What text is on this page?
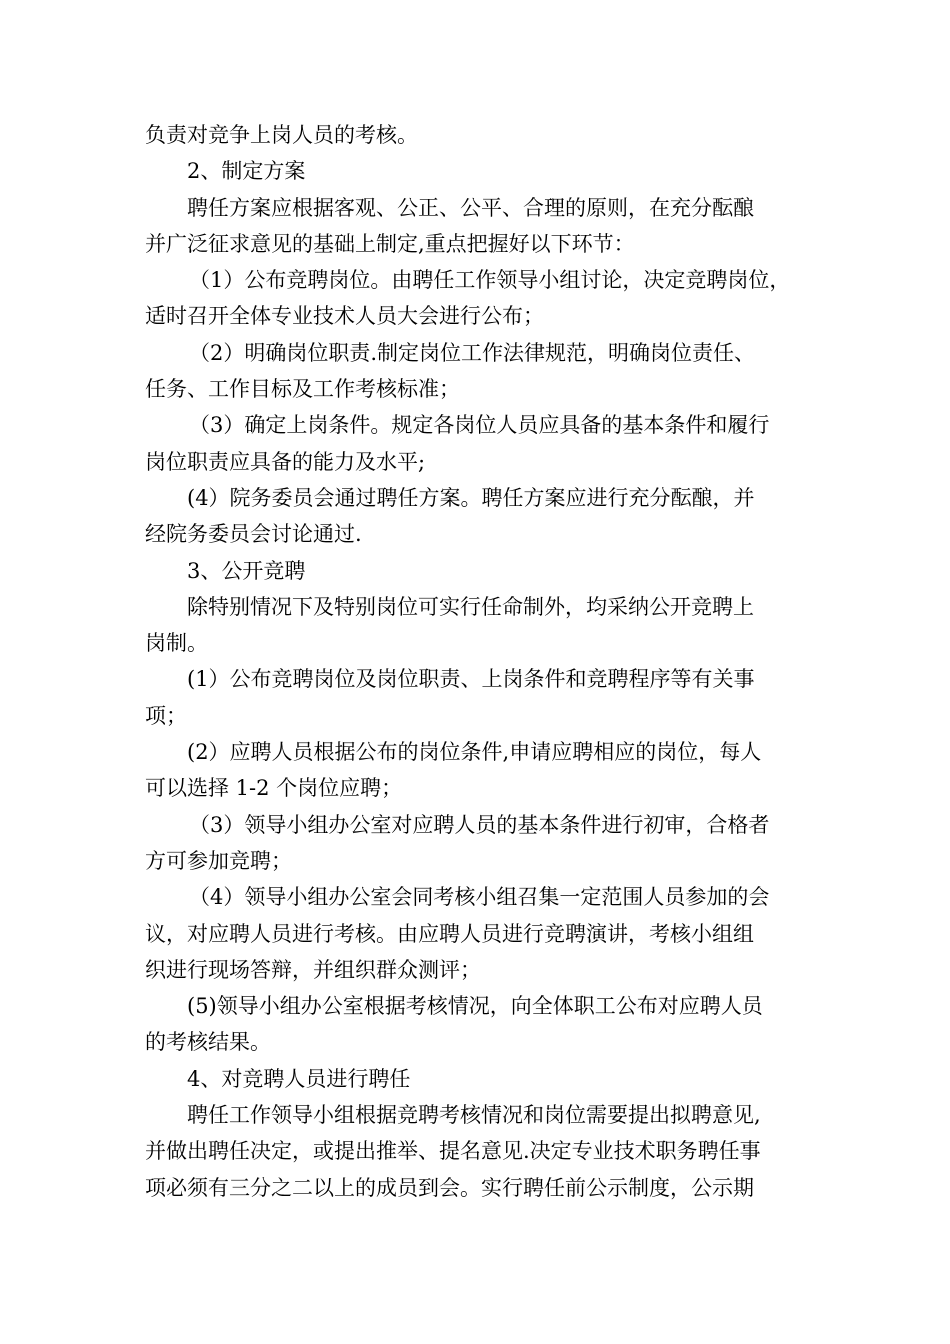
负责对竞争上岗人员的考核。
2、制定方案
聘任方案应根据客观、公正、公平、合理的原则，在充分酝酿
并广泛征求意见的基础上制定,重点把握好以下环节：
（1）公布竞聘岗位。由聘任工作领导小组讨论，决定竞聘岗位，
适时召开全体专业技术人员大会进行公布；
（2）明确岗位职责.制定岗位工作法律规范，明确岗位责任、
任务、工作目标及工作考核标准；
（3）确定上岗条件。规定各岗位人员应具备的基本条件和履行
岗位职责应具备的能力及水平;
(4）院务委员会通过聘任方案。聘任方案应进行充分酝酿，并
经院务委员会讨论通过.
3、公开竞聘
除特别情况下及特别岗位可实行任命制外，均采纳公开竞聘上
岗制。
(1）公布竞聘岗位及岗位职责、上岗条件和竞聘程序等有关事
项；
(2）应聘人员根据公布的岗位条件,申请应聘相应的岗位，每人
可以选择 1-2 个岗位应聘；
（3）领导小组办公室对应聘人员的基本条件进行初审，合格者
方可参加竞聘；
（4）领导小组办公室会同考核小组召集一定范围人员参加的会
议，对应聘人员进行考核。由应聘人员进行竞聘演讲，考核小组组
织进行现场答辩，并组织群众测评；
(5)领导小组办公室根据考核情况，向全体职工公布对应聘人员
的考核结果。
4、对竞聘人员进行聘任
聘任工作领导小组根据竞聘考核情况和岗位需要提出拟聘意见,
并做出聘任决定，或提出推举、提名意见.决定专业技术职务聘任事
项必须有三分之二以上的成员到会。实行聘任前公示制度，公示期
